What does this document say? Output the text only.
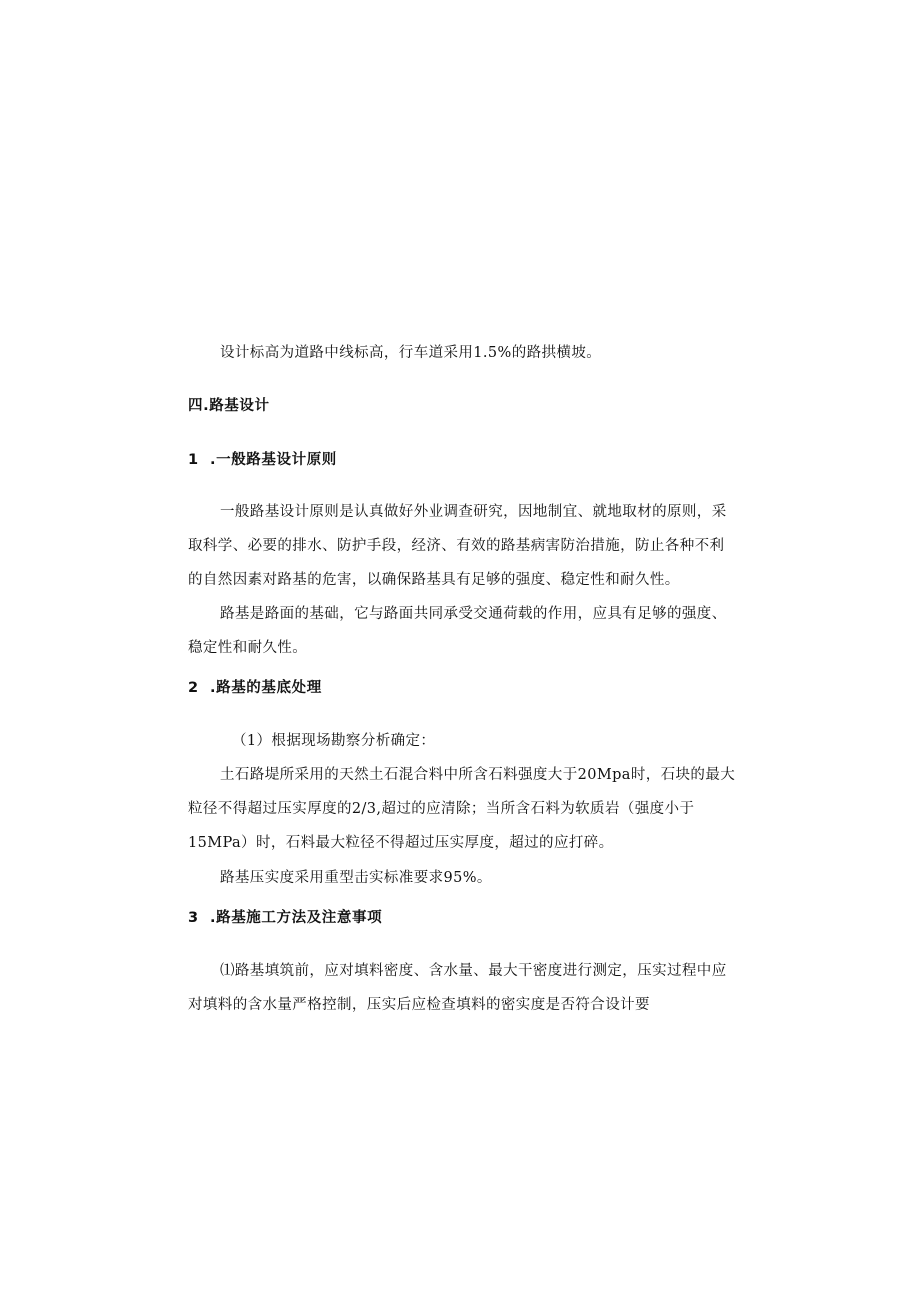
设计标高为道路中线标高，行车道采用1.5%的路拱横坡。
四.路基设计
1 .一般路基设计原则
一般路基设计原则是认真做好外业调查研究，因地制宜、就地取材的原则，采
取科学、必要的排水、防护手段，经济、有效的路基病害防治措施，防止各种不利
的自然因素对路基的危害，以确保路基具有足够的强度、稳定性和耐久性。
路基是路面的基础，它与路面共同承受交通荷载的作用，应具有足够的强度、
稳定性和耐久性。
2 .路基的基底处理
（1）根据现场勘察分析确定：
土石路堤所采用的天然土石混合料中所含石料强度大于20Mpa时，石块的最大
粒径不得超过压实厚度的2/3,超过的应清除；当所含石料为软质岩（强度小于
15MPa）时，石料最大粒径不得超过压实厚度，超过的应打碎。
路基压实度采用重型击实标准要求95%。
3 .路基施工方法及注意事项
⑴路基填筑前，应对填料密度、含水量、最大干密度进行测定，压实过程中应
对填料的含水量严格控制，压实后应检查填料的密实度是否符合设计要
